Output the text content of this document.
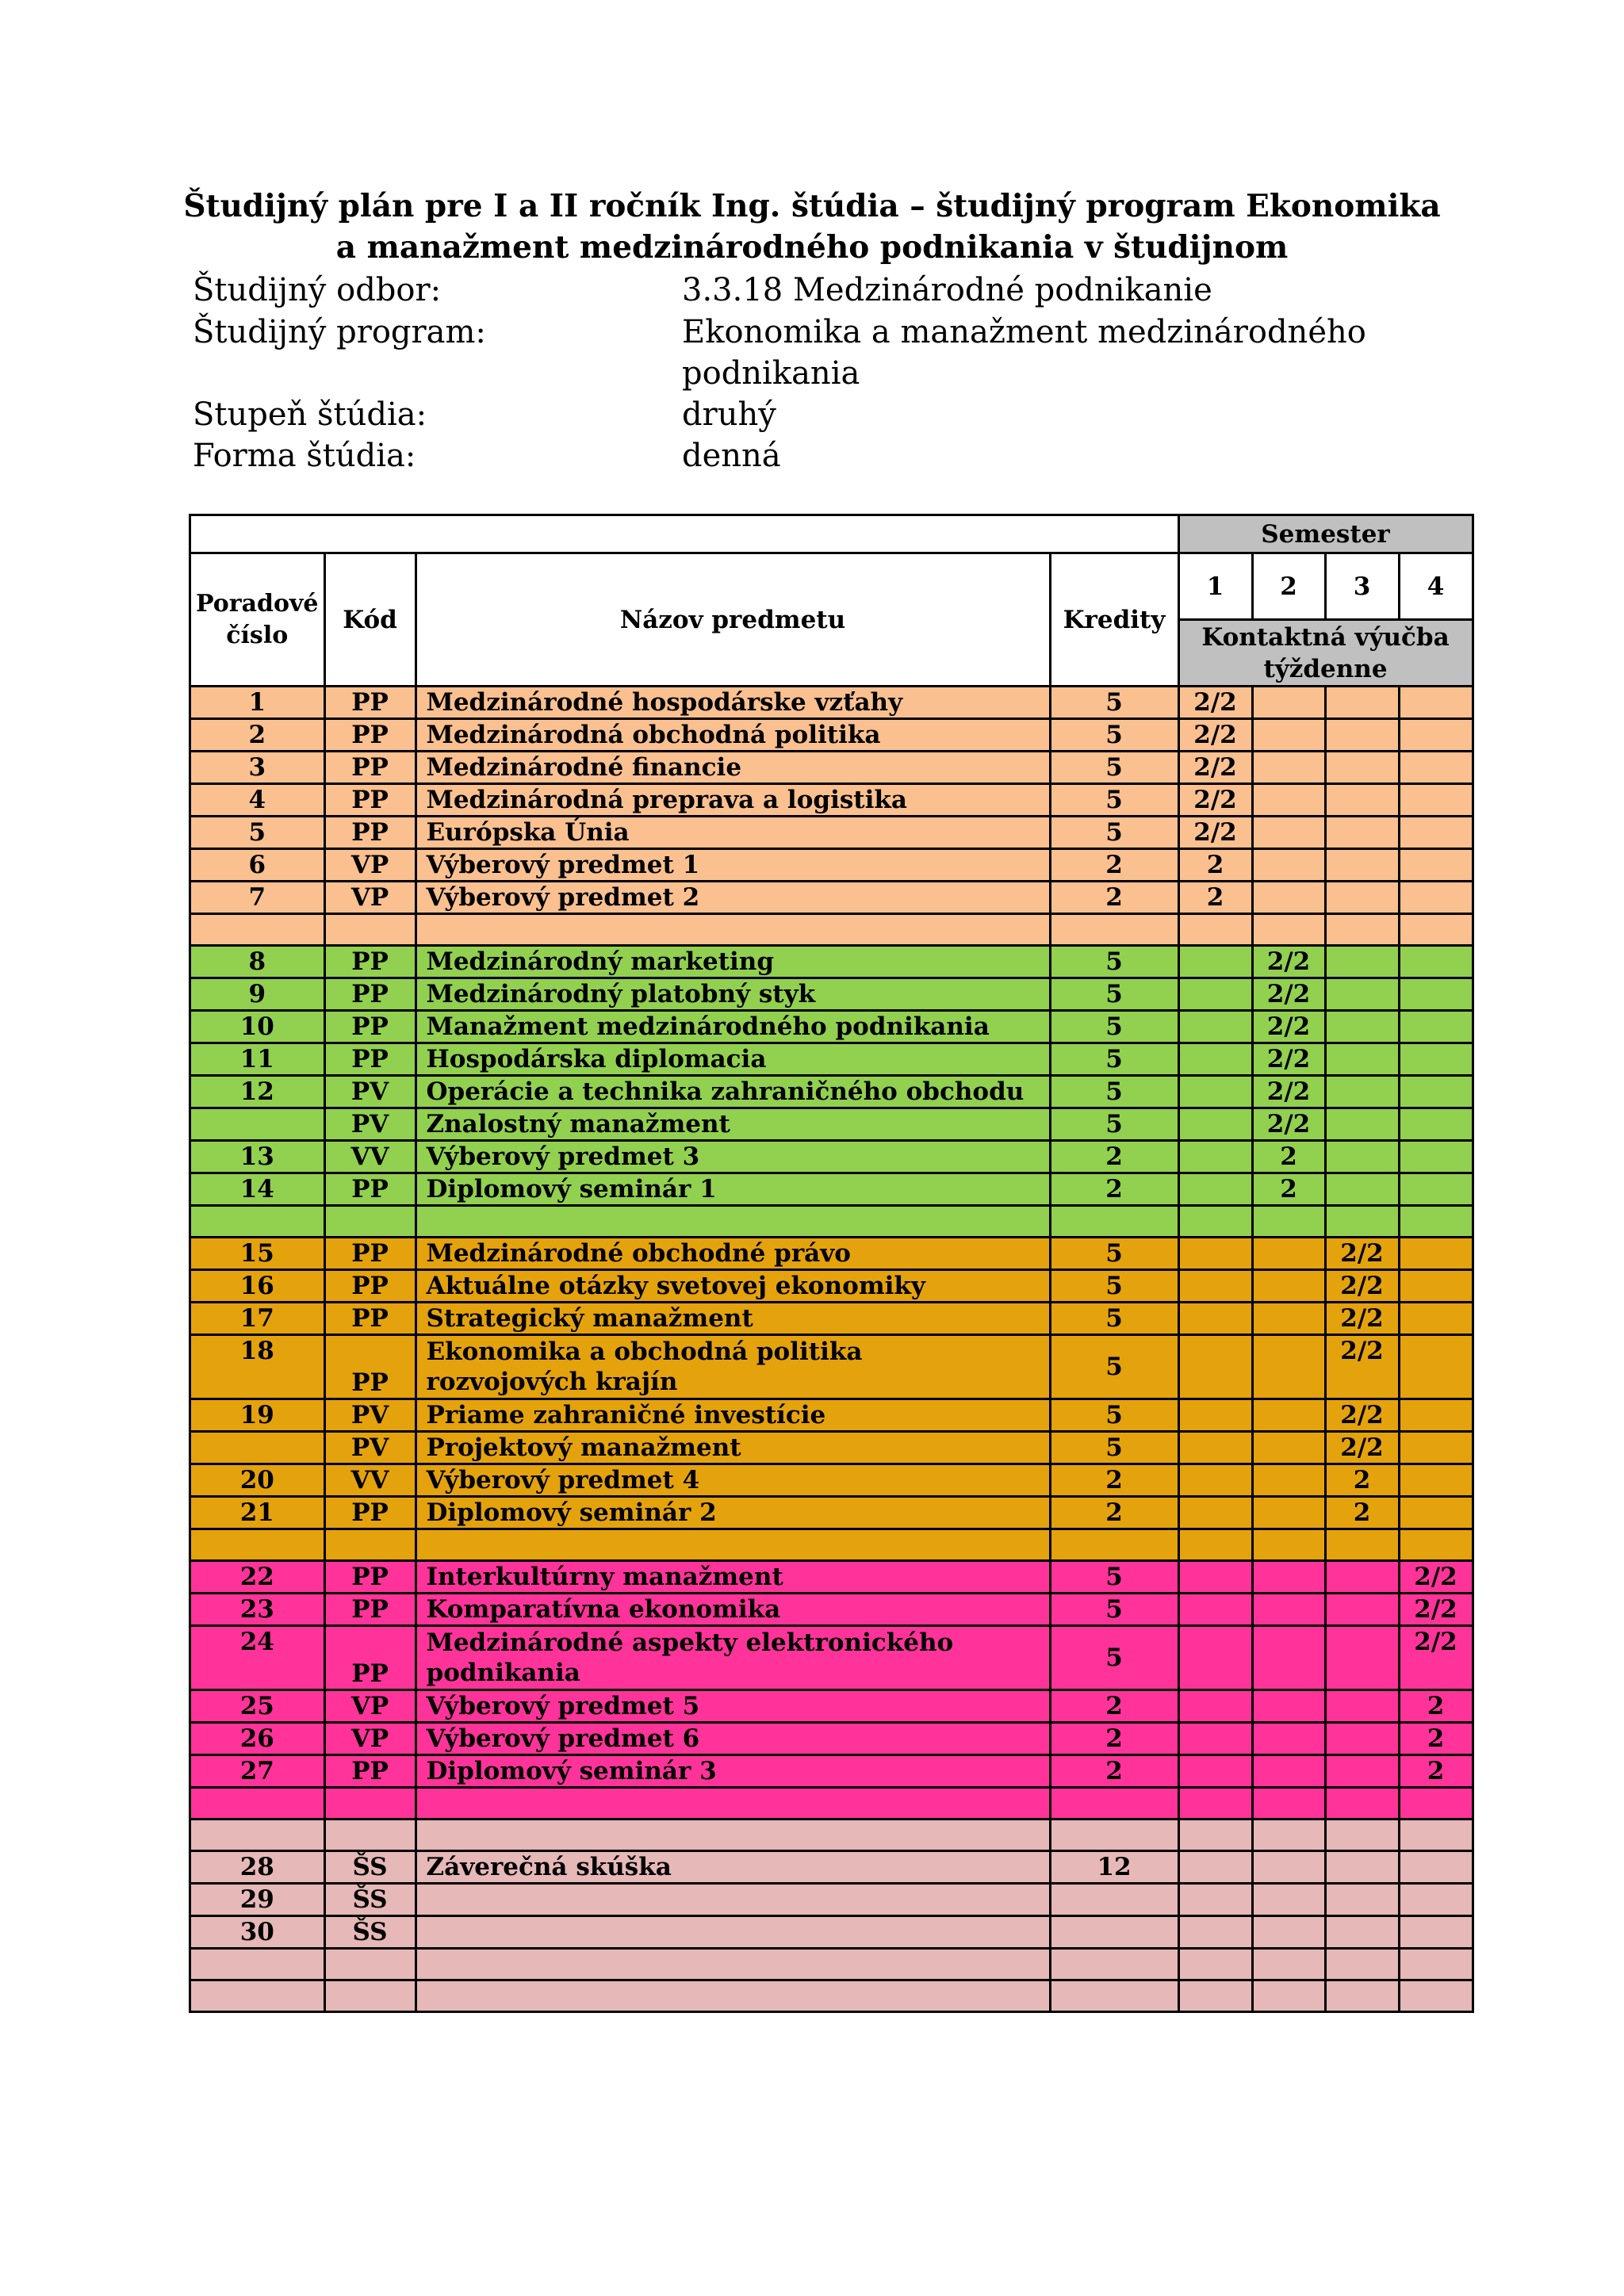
Študijný plán pre I a II ročník Ing. štúdia – študijný program Ekonomika
a manažment medzinárodného podnikania v študijnom
Študijný odbor:	3.3.18 Medzinárodné podnikanie
Študijný program:	Ekonomika a manažment medzinárodného
podnikania
Stupeň štúdia:	druhý
Forma štúdia:	denná
				Semester			
Poradové číslo	Kód	Názov predmetu	Kredity	1	2	3	4
				Kontaktná výučba týždenne			
1	PP	Medzinárodné hospodárske vzťahy	5	2/2			
2	PP	Medzinárodná obchodná politika	5	2/2			
3	PP	Medzinárodné financie	5	2/2			
4	PP	Medzinárodná preprava a logistika	5	2/2			
5	PP	Európska Únia	5	2/2			
6	VP	Výberový predmet 1	2	2			
7	VP	Výberový predmet 2	2	2			

8	PP	Medzinárodný marketing	5		2/2		
9	PP	Medzinárodný platobný styk	5		2/2		
10	PP	Manažment medzinárodného podnikania	5		2/2		
11	PP	Hospodárska diplomacia	5		2/2		
12	PV	Operácie a technika zahraničného obchodu	5		2/2		
	PV	Znalostný manažment	5		2/2		
13	VV	Výberový predmet 3	2		2		
14	PP	Diplomový seminár 1	2		2		

15	PP	Medzinárodné obchodné právo	5			2/2	
16	PP	Aktuálne otázky svetovej ekonomiky	5			2/2	
17	PP	Strategický manažment	5			2/2	
18	PP	Ekonomika a obchodná politika rozvojových krajín	5			2/2	
19	PV	Priame zahraničné investície	5			2/2	
	PV	Projektový manažment	5			2/2	
20	VV	Výberový predmet 4	2			2	
21	PP	Diplomový seminár 2	2			2	

22	PP	Interkultúrny manažment	5				2/2
23	PP	Komparatívna ekonomika	5				2/2
24	PP	Medzinárodné aspekty elektronického podnikania	5				2/2
25	VP	Výberový predmet 5	2				2
26	VP	Výberový predmet 6	2				2
27	PP	Diplomový seminár 3	2				2

28	ŠS	Záverečná skúška	12				
29	ŠS						
30	ŠS						
